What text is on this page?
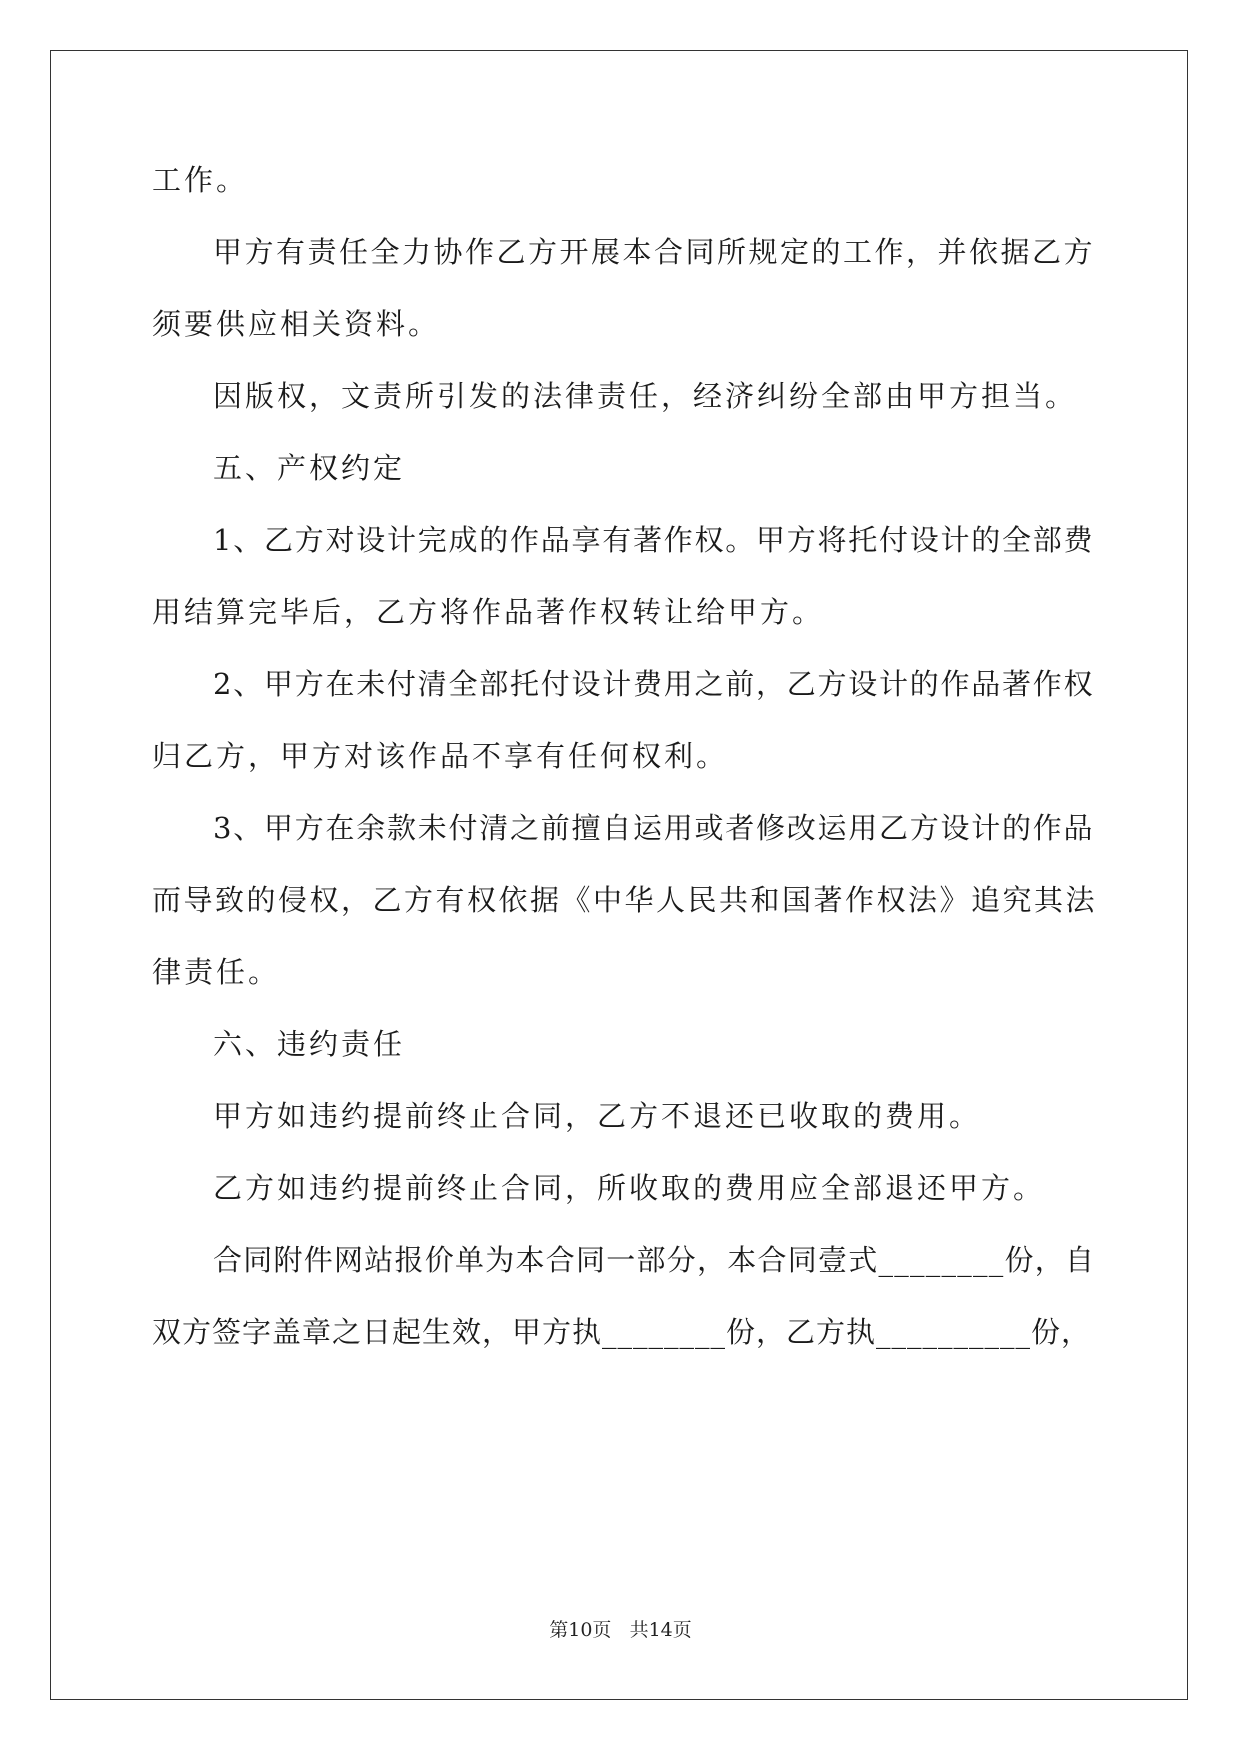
工作。
甲方有责任全力协作乙方开展本合同所规定的工作，并依据乙方
须要供应相关资料。
因版权，文责所引发的法律责任，经济纠纷全部由甲方担当。
五、产权约定
1、乙方对设计完成的作品享有著作权。甲方将托付设计的全部费
用结算完毕后，乙方将作品著作权转让给甲方。
2、甲方在未付清全部托付设计费用之前，乙方设计的作品著作权
归乙方，甲方对该作品不享有任何权利。
3、甲方在余款未付清之前擅自运用或者修改运用乙方设计的作品
而导致的侵权，乙方有权依据《中华人民共和国著作权法》追究其法
律责任。
六、违约责任
甲方如违约提前终止合同，乙方不退还已收取的费用。
乙方如违约提前终止合同，所收取的费用应全部退还甲方。
合同附件网站报价单为本合同一部分，本合同壹式________份，自
双方签字盖章之日起生效，甲方执________份，乙方执__________份，
第10页 共14页
